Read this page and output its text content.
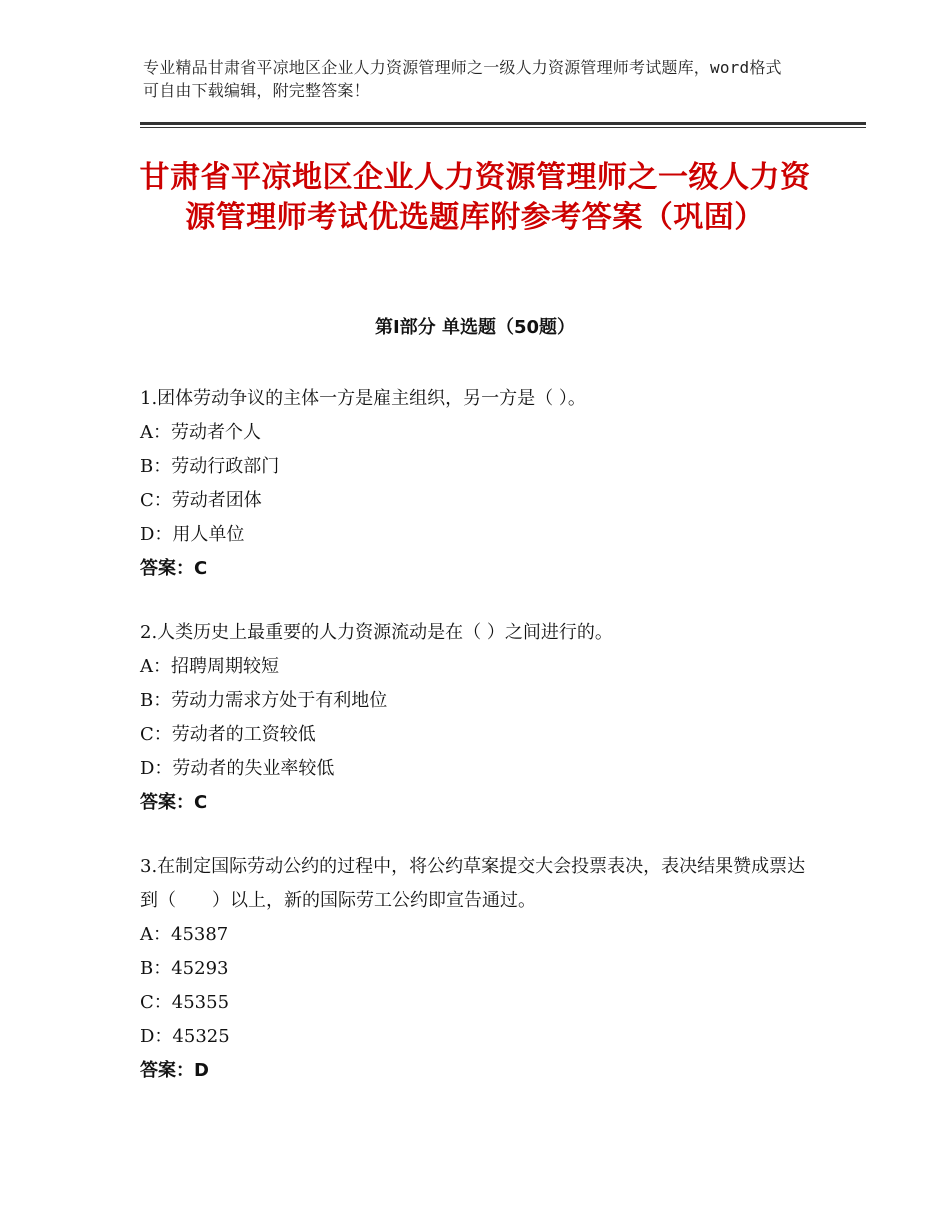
专业精品甘肃省平凉地区企业人力资源管理师之一级人力资源管理师考试题库，word格式可自由下载编辑，附完整答案！
甘肃省平凉地区企业人力资源管理师之一级人力资源管理师考试优选题库附参考答案（巩固）
第Ⅰ部分 单选题（50题）

1.团体劳动争议的主体一方是雇主组织，另一方是（ ）。

A：劳动者个人

B：劳动行政部门

C：劳动者团体

D：用人单位

答案：C

2.人类历史上最重要的人力资源流动是在（ ）之间进行的。

A：招聘周期较短

B：劳动力需求方处于有利地位

C：劳动者的工资较低

D：劳动者的失业率较低

答案：C

3.在制定国际劳动公约的过程中，将公约草案提交大会投票表决，表决结果赞成票达到（　　）以上，新的国际劳工公约即宣告通过。

A：45387

B：45293

C：45355

D：45325

答案：D
